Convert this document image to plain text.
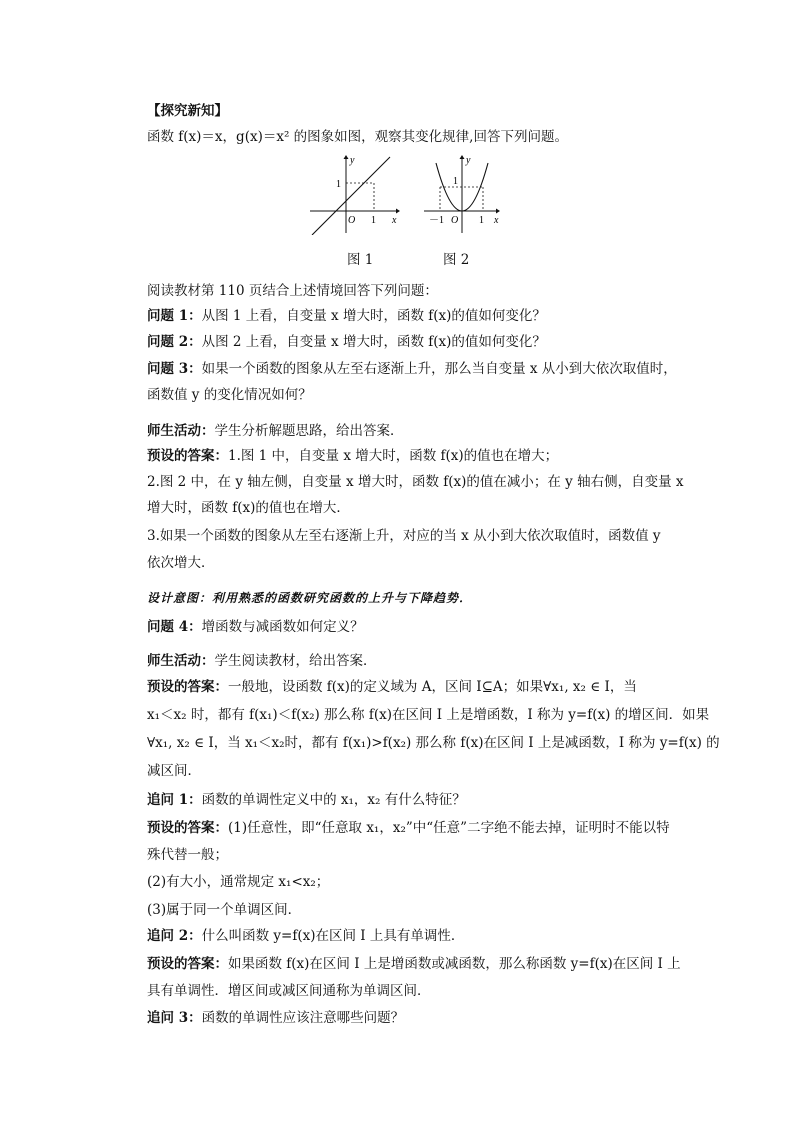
【探究新知】
函数 f(x)＝x，g(x)＝x² 的图象如图，观察其变化规律,回答下列问题。
y
x
O
1
1
y
x
O
1
－1	1
图 1	图 2
阅读教材第 110 页结合上述情境回答下列问题：
问题 1：从图 1 上看，自变量 x 增大时，函数 f(x)的值如何变化？
问题 2：从图 2 上看，自变量 x 增大时，函数 f(x)的值如何变化？
问题 3：如果一个函数的图象从左至右逐渐上升，那么当自变量 x 从小到大依次取值时，
函数值 y 的变化情况如何？
师生活动：学生分析解题思路，给出答案．
预设的答案：1.图 1 中，自变量 x 增大时，函数 f(x)的值也在增大；
2.图 2 中，在 y 轴左侧，自变量 x 增大时，函数 f(x)的值在减小；在 y 轴右侧，自变量 x
增大时，函数 f(x)的值也在增大．
3.如果一个函数的图象从左至右逐渐上升，对应的当 x 从小到大依次取值时，函数值 y
依次增大．
设计意图：利用熟悉的函数研究函数的上升与下降趋势．
问题 4：增函数与减函数如何定义？
师生活动：学生阅读教材，给出答案．
预设的答案：一般地，设函数 f(x)的定义域为 A，区间 I⊆A；如果∀x₁, x₂ ∈ I，当
x₁＜x₂ 时，都有 f(x₁)＜f(x₂) 那么称 f(x)在区间 I 上是增函数，I 称为 y=f(x) 的增区间．如果
∀x₁, x₂ ∈ I，当 x₁＜x₂时，都有 f(x₁)>f(x₂) 那么称 f(x)在区间 I 上是减函数，I 称为 y=f(x) 的
减区间．
追问 1：函数的单调性定义中的 x₁，x₂ 有什么特征？
预设的答案：(1)任意性，即“任意取 x₁，x₂”中“任意”二字绝不能去掉，证明时不能以特
殊代替一般；
(2)有大小，通常规定 x₁<x₂；
(3)属于同一个单调区间．
追问 2：什么叫函数 y=f(x)在区间 I 上具有单调性．
预设的答案：如果函数 f(x)在区间 I 上是增函数或减函数，那么称函数 y=f(x)在区间 I 上
具有单调性．增区间或减区间通称为单调区间．
追问 3：函数的单调性应该注意哪些问题？
